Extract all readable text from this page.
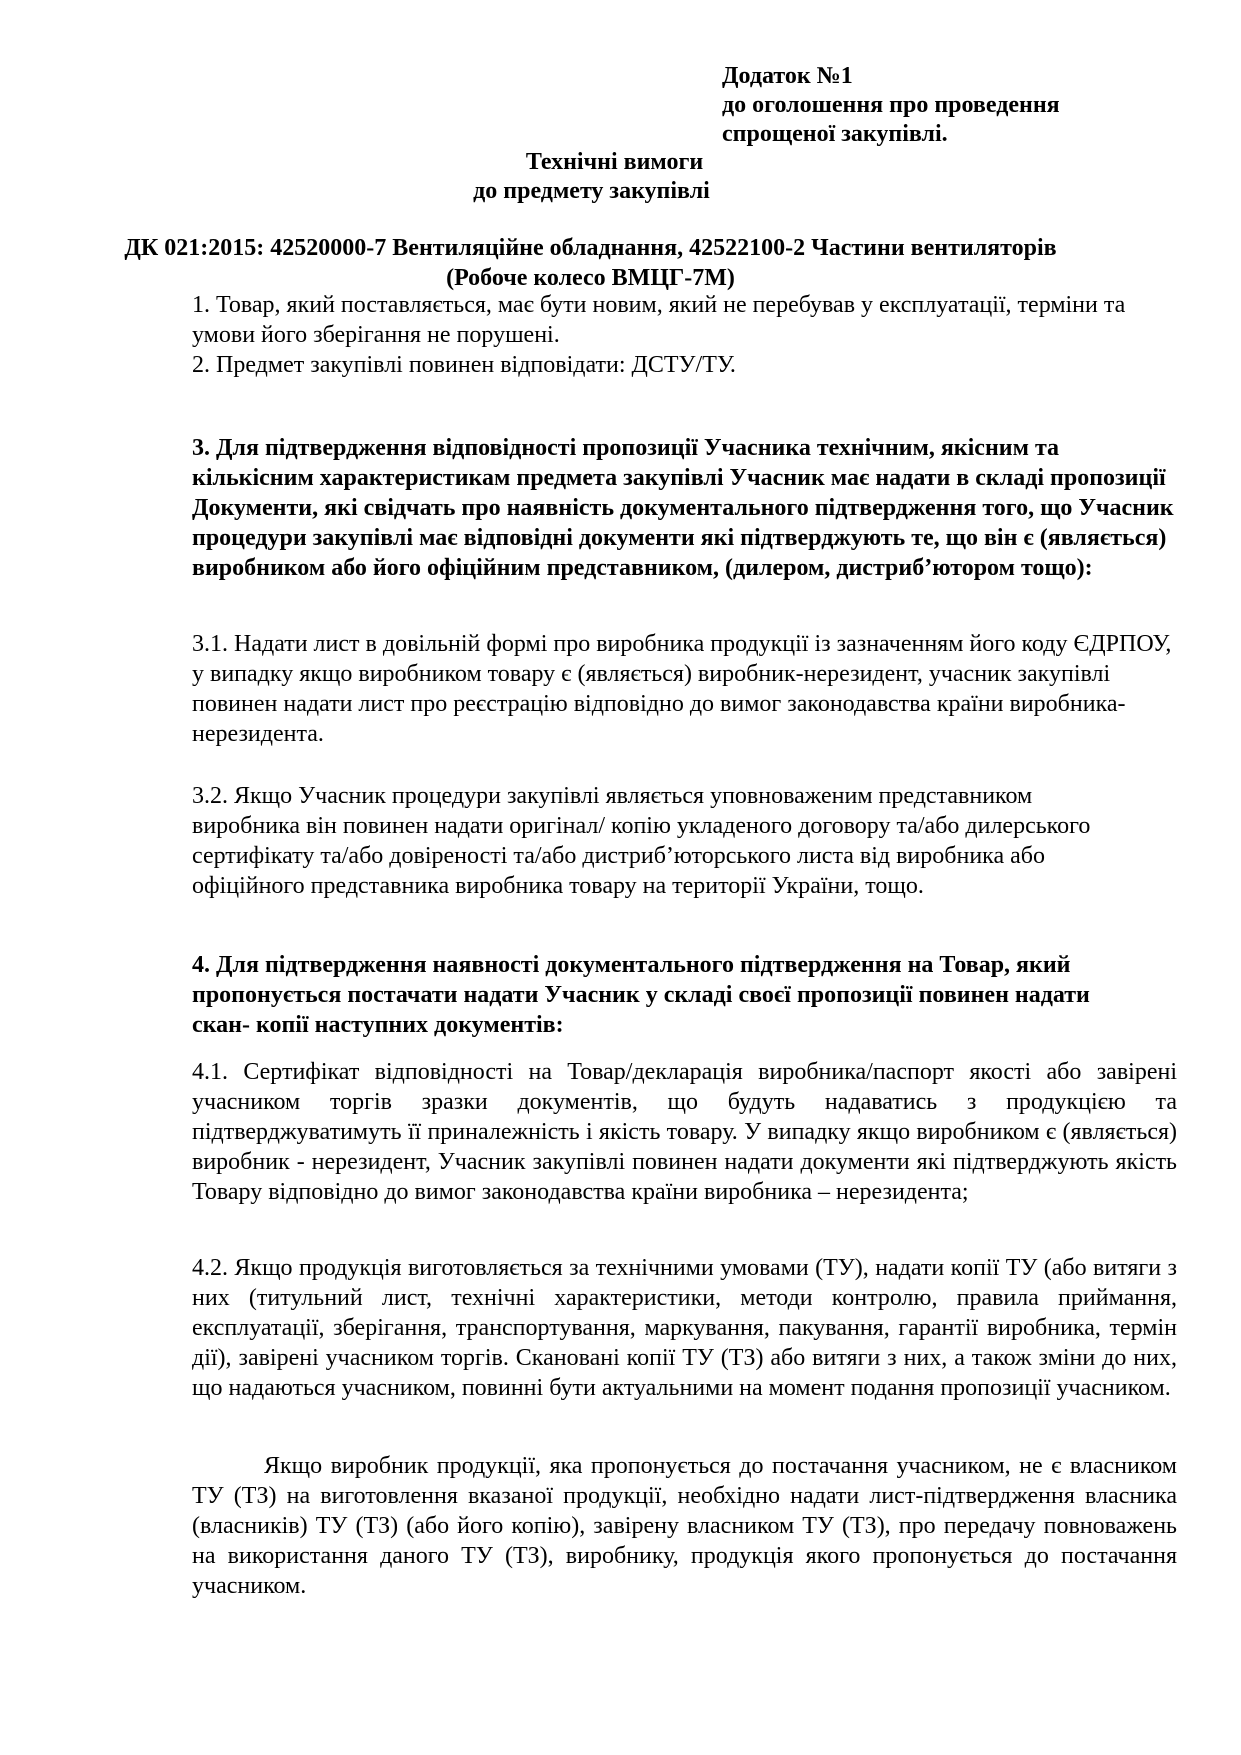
Додаток №1
до оголошення про проведення
спрощеної закупівлі.
Технічні вимоги
до предмету закупівлі
ДК 021:2015: 42520000-7 Вентиляційне обладнання, 42522100-2 Частини вентиляторів
(Робоче колесо ВМЦГ-7М)

1. Товар, який поставляється, має бути новим, який не перебував у експлуатації, терміни та умови його зберігання не порушені.

2. Предмет закупівлі повинен відповідати: ДСТУ/ТУ.

3. Для підтвердження відповідності пропозиції Учасника технічним, якісним та кількісним характеристикам предмета закупівлі Учасник має надати в складі пропозиції Документи, які свідчать про наявність документального підтвердження того, що Учасник процедури закупівлі має відповідні документи які підтверджують те, що він є (являється) виробником або його офіційним представником, (дилером, дистриб’ютором тощо):

3.1. Надати лист в довільній формі про виробника продукції із зазначенням його коду ЄДРПОУ, у випадку якщо виробником товару є (являється) виробник-нерезидент, учасник закупівлі повинен надати лист про реєстрацію відповідно до вимог законодавства країни виробника-нерезидента.

3.2. Якщо Учасник процедури закупівлі являється уповноваженим представником виробника він повинен надати оригінал/ копію укладеного договору та/або дилерського сертифікату та/або довіреності та/або дистриб’юторського листа від виробника або офіційного представника виробника товару на території України, тощо.

4. Для підтвердження наявності документального підтвердження на Товар, який пропонується постачати надати Учасник у складі своєї пропозиції повинен надати скан- копії наступних документів:

4.1. Сертифікат відповідності на Товар/декларація виробника/паспорт якості або завірені учасником торгів зразки документів, що будуть надаватись з продукцією та підтверджуватимуть її приналежність і якість товару. У випадку якщо виробником є (являється) виробник - нерезидент, Учасник закупівлі повинен надати документи які підтверджують якість Товару відповідно до вимог законодавства країни виробника – нерезидента;

4.2. Якщо продукція виготовляється за технічними умовами (ТУ), надати копії ТУ (або витяги з них (титульний лист, технічні характеристики, методи контролю, правила приймання, експлуатації, зберігання, транспортування, маркування, пакування, гарантії виробника, термін дії), завірені учасником торгів. Скановані копії ТУ (ТЗ) або витяги з них, а також зміни до них, що надаються учасником, повинні бути актуальними на момент подання пропозиції учасником.

Якщо виробник продукції, яка пропонується до постачання учасником, не є власником ТУ (ТЗ) на виготовлення вказаної продукції, необхідно надати лист-підтвердження власника (власників) ТУ (ТЗ) (або його копію), завірену власником ТУ (ТЗ), про передачу повноважень на використання даного ТУ (ТЗ), виробнику, продукція якого пропонується до постачання учасником.
